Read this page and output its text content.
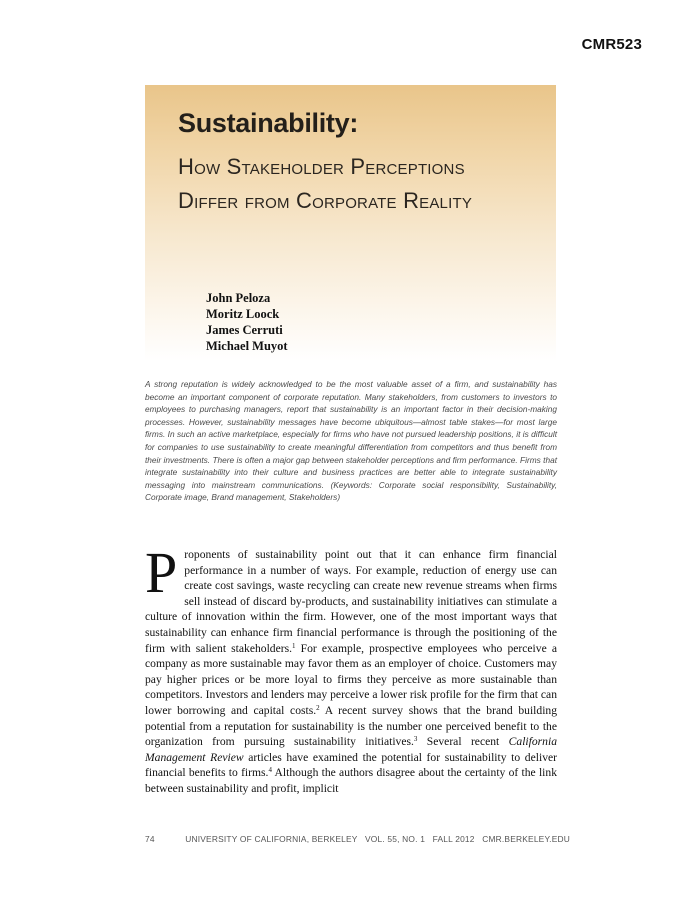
CMR523
Sustainability:
How Stakeholder Perceptions
Differ from Corporate Reality
John Peloza
Moritz Loock
James Cerruti
Michael Muyot

A strong reputation is widely acknowledged to be the most valuable asset of a firm, and sustainability has become an important component of corporate reputation. Many stakeholders, from customers to investors to employees to purchasing managers, report that sustainability is an important factor in their decision-making processes. However, sustainability messages have become ubiquitous—almost table stakes—for most large firms. In such an active marketplace, especially for firms who have not pursued leadership positions, it is difficult for companies to use sustainability to create meaningful differentiation from competitors and thus benefit from their investments. There is often a major gap between stakeholder perceptions and firm performance. Firms that integrate sustainability into their culture and business practices are better able to integrate sustainability messaging into mainstream communications. (Keywords: Corporate social responsibility, Sustainability, Corporate image, Brand management, Stakeholders)

Proponents of sustainability point out that it can enhance firm financial performance in a number of ways. For example, reduction of energy use can create cost savings, waste recycling can create new revenue streams when firms sell instead of discard by-products, and sustainability initiatives can stimulate a culture of innovation within the firm. However, one of the most important ways that sustainability can enhance firm financial performance is through the positioning of the firm with salient stakeholders.$^1$ For example, prospective employees who perceive a company as more sustainable may favor them as an employer of choice. Customers may pay higher prices or be more loyal to firms they perceive as more sustainable than competitors. Investors and lenders may perceive a lower risk profile for the firm that can lower borrowing and capital costs.$^2$ A recent survey shows that the brand building potential from a reputation for sustainability is the number one perceived benefit to the organization from pursuing sustainability initiatives.$^3$ Several recent California Management Review articles have examined the potential for sustainability to deliver financial benefits to firms.$^4$ Although the authors disagree about the certainty of the link between sustainability and profit, implicit

74	UNIVERSITY OF CALIFORNIA, BERKELEY   VOL. 55, NO. 1   FALL 2012   CMR.BERKELEY.EDU
